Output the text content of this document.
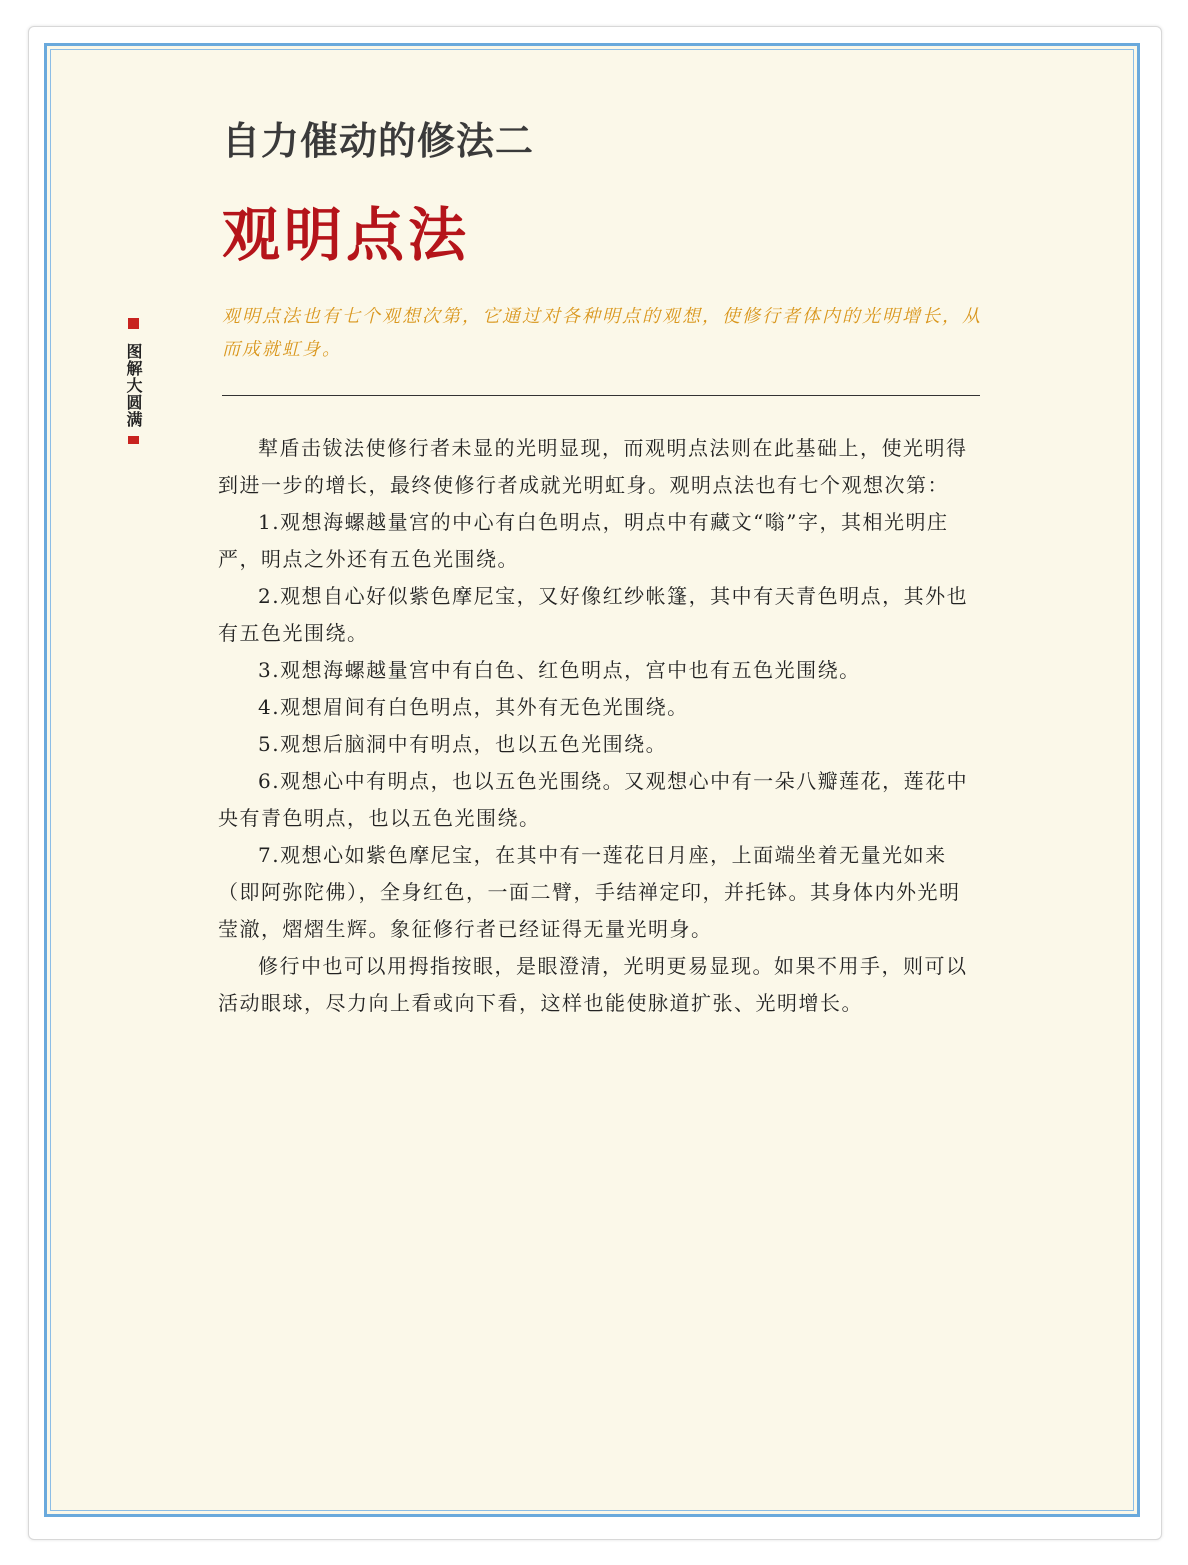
自力催动的修法二
观明点法

观明点法也有七个观想次第，它通过对各种明点的观想，使修行者体内的光明增长，从而成就虹身。

图解大圆满

犎盾击钹法使修行者未显的光明显现，而观明点法则在此基础上，使光明得到进一步的增长，最终使修行者成就光明虹身。观明点法也有七个观想次第：

1.观想海螺越量宫的中心有白色明点，明点中有藏文“嗡”字，其相光明庄严，明点之外还有五色光围绕。

2.观想自心好似紫色摩尼宝，又好像红纱帐篷，其中有天青色明点，其外也有五色光围绕。

3.观想海螺越量宫中有白色、红色明点，宫中也有五色光围绕。

4.观想眉间有白色明点，其外有无色光围绕。

5.观想后脑洞中有明点，也以五色光围绕。

6.观想心中有明点，也以五色光围绕。又观想心中有一朵八瓣莲花，莲花中央有青色明点，也以五色光围绕。

7.观想心如紫色摩尼宝，在其中有一莲花日月座，上面端坐着无量光如来（即阿弥陀佛），全身红色，一面二臂，手结禅定印，并托钵。其身体内外光明莹澈，熠熠生辉。象征修行者已经证得无量光明身。

修行中也可以用拇指按眼，是眼澄清，光明更易显现。如果不用手，则可以活动眼球，尽力向上看或向下看，这样也能使脉道扩张、光明增长。
